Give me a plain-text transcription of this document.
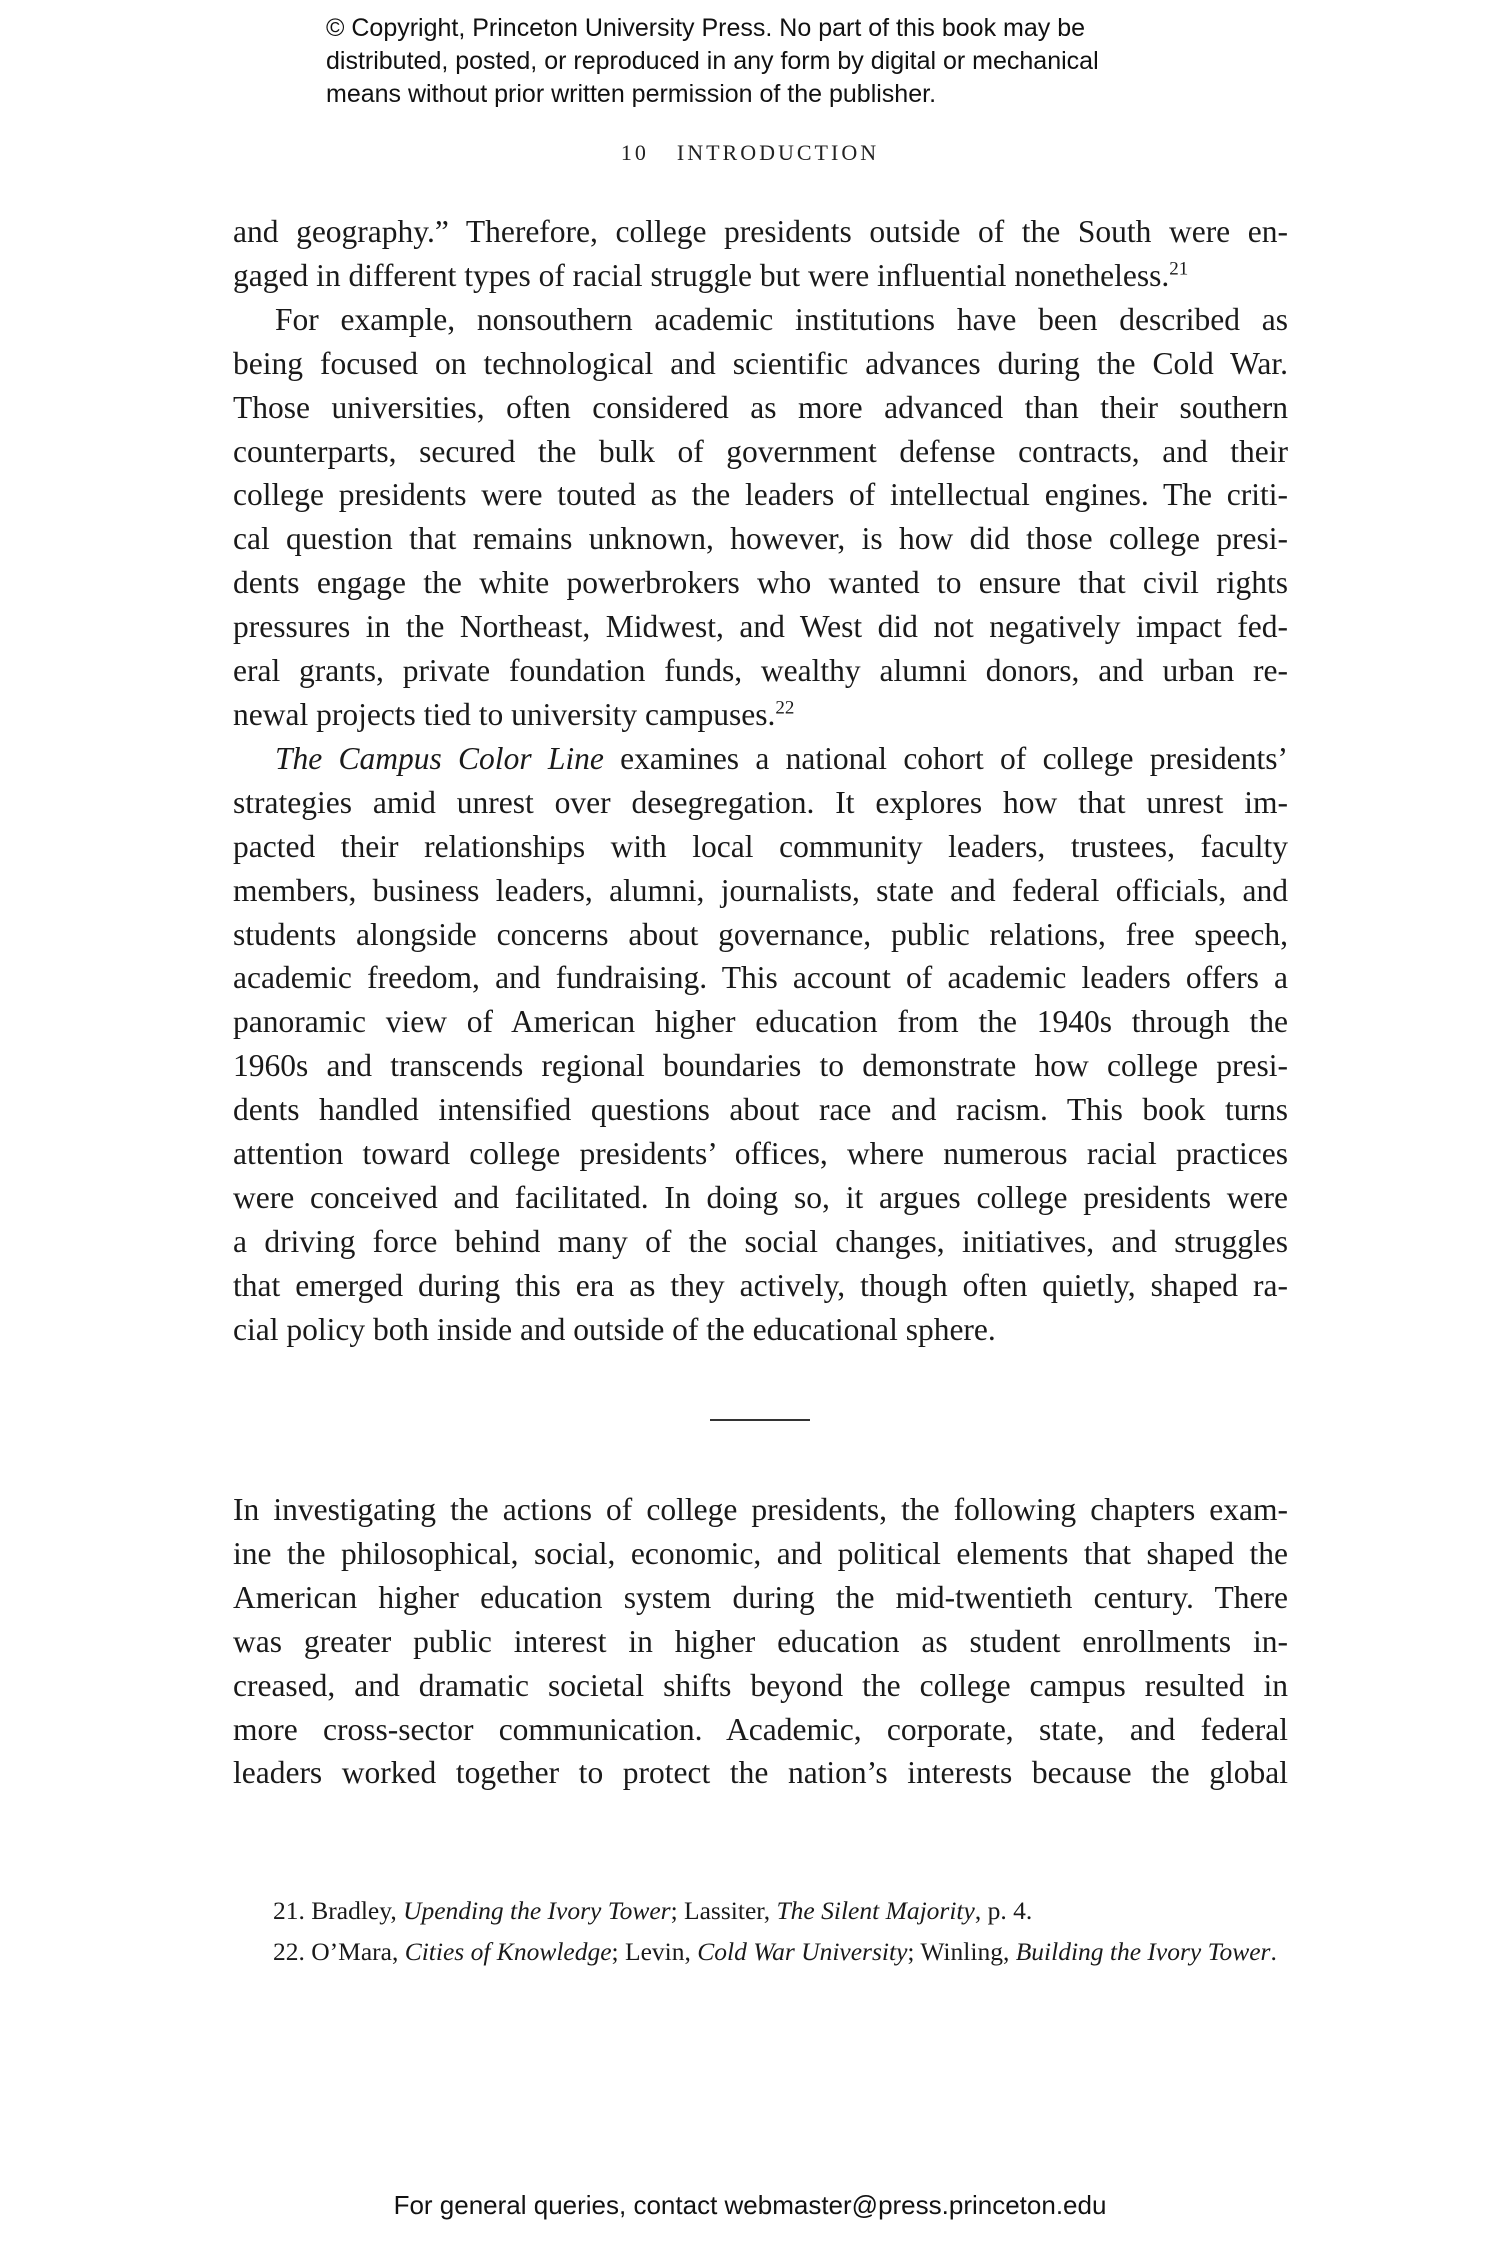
© Copyright, Princeton University Press. No part of this book may be
distributed, posted, or reproduced in any form by digital or mechanical
means without prior written permission of the publisher.
10 INTRODUCTION

and geography.” Therefore, college presidents outside of the South were en-
gaged in different types of racial struggle but were influential nonetheless.$^{21}$

For example, nonsouthern academic institutions have been described as
being focused on technological and scientific advances during the Cold War.
Those universities, often considered as more advanced than their southern
counterparts, secured the bulk of government defense contracts, and their
college presidents were touted as the leaders of intellectual engines. The criti-
cal question that remains unknown, however, is how did those college presi-
dents engage the white powerbrokers who wanted to ensure that civil rights
pressures in the Northeast, Midwest, and West did not negatively impact fed-
eral grants, private foundation funds, wealthy alumni donors, and urban re-
newal projects tied to university campuses.$^{22}$

The Campus Color Line examines a national cohort of college presidents’
strategies amid unrest over desegregation. It explores how that unrest im-
pacted their relationships with local community leaders, trustees, faculty
members, business leaders, alumni, journalists, state and federal officials, and
students alongside concerns about governance, public relations, free speech,
academic freedom, and fundraising. This account of academic leaders offers a
panoramic view of American higher education from the 1940s through the
1960s and transcends regional boundaries to demonstrate how college presi-
dents handled intensified questions about race and racism. This book turns
attention toward college presidents’ offices, where numerous racial practices
were conceived and facilitated. In doing so, it argues college presidents were
a driving force behind many of the social changes, initiatives, and struggles
that emerged during this era as they actively, though often quietly, shaped ra-
cial policy both inside and outside of the educational sphere.

In investigating the actions of college presidents, the following chapters exam-
ine the philosophical, social, economic, and political elements that shaped the
American higher education system during the mid-twentieth century. There
was greater public interest in higher education as student enrollments in-
creased, and dramatic societal shifts beyond the college campus resulted in
more cross-sector communication. Academic, corporate, state, and federal
leaders worked together to protect the nation’s interests because the global

21. Bradley, Upending the Ivory Tower; Lassiter, The Silent Majority, p. 4.

22. O’Mara, Cities of Knowledge; Levin, Cold War University; Winling, Building the Ivory Tower.

For general queries, contact webmaster@press.princeton.edu
